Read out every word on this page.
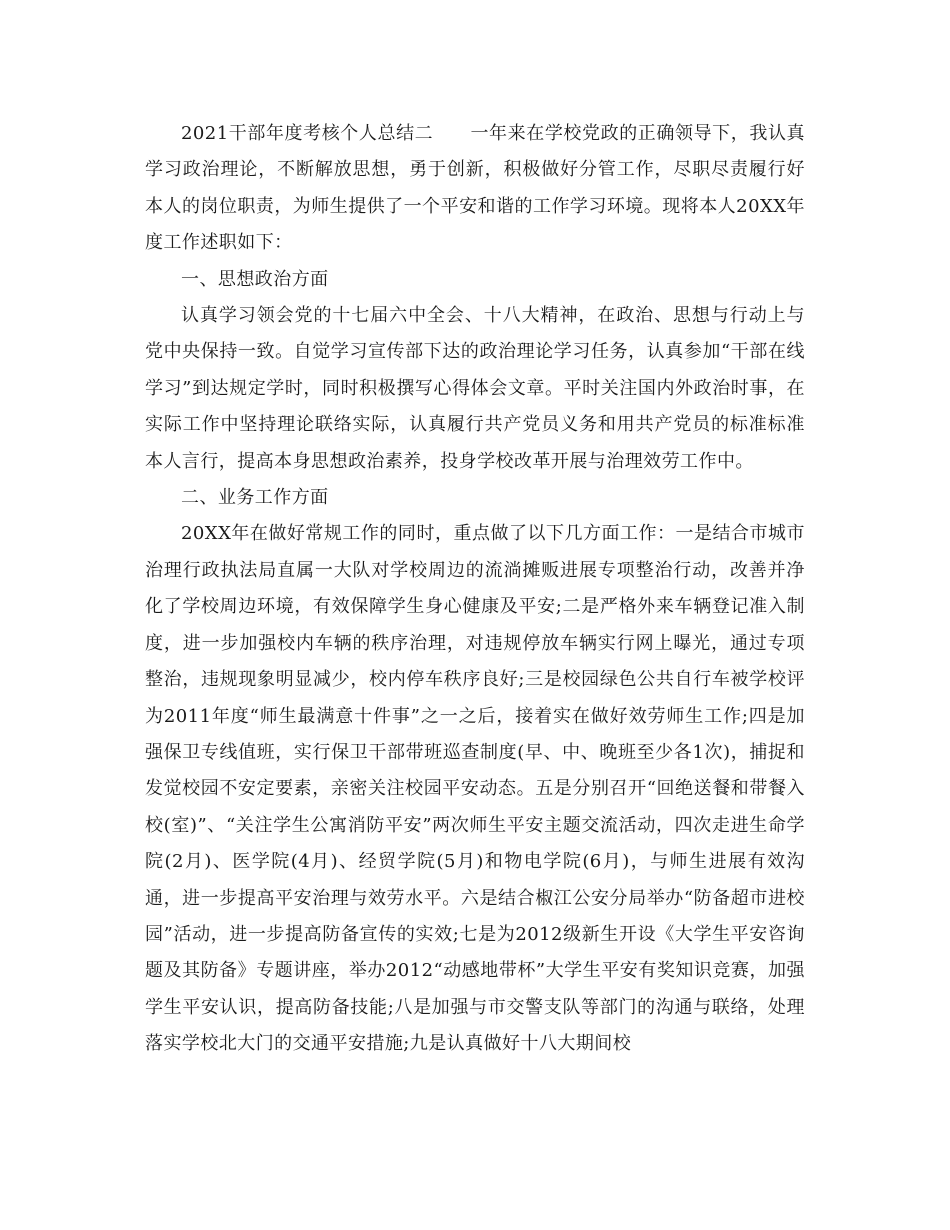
2021干部年度考核个人总结二　　一年来在学校党政的正确领导下，我认真学习政治理论，不断解放思想，勇于创新，积极做好分管工作，尽职尽责履行好本人的岗位职责，为师生提供了一个平安和谐的工作学习环境。现将本人20XX年度工作述职如下：

一、思想政治方面

认真学习领会党的十七届六中全会、十八大精神，在政治、思想与行动上与党中央保持一致。自觉学习宣传部下达的政治理论学习任务，认真参加“干部在线学习”到达规定学时，同时积极撰写心得体会文章。平时关注国内外政治时事，在实际工作中坚持理论联络实际，认真履行共产党员义务和用共产党员的标准标准本人言行，提高本身思想政治素养，投身学校改革开展与治理效劳工作中。

二、业务工作方面

20XX年在做好常规工作的同时，重点做了以下几方面工作：一是结合市城市治理行政执法局直属一大队对学校周边的流淌摊贩进展专项整治行动，改善并净化了学校周边环境，有效保障学生身心健康及平安;二是严格外来车辆登记准入制度，进一步加强校内车辆的秩序治理，对违规停放车辆实行网上曝光，通过专项整治，违规现象明显减少，校内停车秩序良好;三是校园绿色公共自行车被学校评为2011年度“师生最满意十件事”之一之后，接着实在做好效劳师生工作;四是加强保卫专线值班，实行保卫干部带班巡查制度(早、中、晚班至少各1次)，捕捉和发觉校园不安定要素，亲密关注校园平安动态。五是分别召开“回绝送餐和带餐入校(室)”、“关注学生公寓消防平安”两次师生平安主题交流活动，四次走进生命学院(2月)、医学院(4月)、经贸学院(5月)和物电学院(6月)，与师生进展有效沟通，进一步提高平安治理与效劳水平。六是结合椒江公安分局举办“防备超市进校园”活动，进一步提高防备宣传的实效;七是为2012级新生开设《大学生平安咨询题及其防备》专题讲座，举办2012“动感地带杯”大学生平安有奖知识竞赛，加强学生平安认识，提高防备技能;八是加强与市交警支队等部门的沟通与联络，处理落实学校北大门的交通平安措施;九是认真做好十八大期间校
